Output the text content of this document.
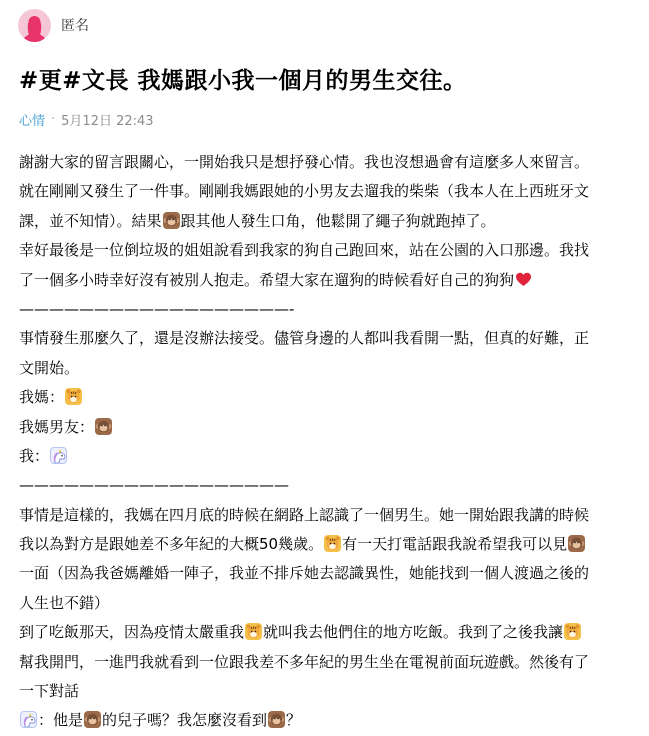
匿名
#更#文長 我媽跟小我一個月的男生交往。
心情 · 5月12日 22:43
謝謝大家的留言跟關心，一開始我只是想抒發心情。我也沒想過會有這麼多人來留言。
就在剛剛又發生了一件事。剛剛我媽跟她的小男友去遛我的柴柴（我本人在上西班牙文
課，並不知情）。結果 跟其他人發生口角，他鬆開了繩子狗就跑掉了。
幸好最後是一位倒垃圾的姐姐說看到我家的狗自己跑回來，站在公園的入口那邊。我找
了一個多小時幸好沒有被別人抱走。希望大家在遛狗的時候看好自己的狗狗
——————————————————-
事情發生那麼久了，還是沒辦法接受。儘管身邊的人都叫我看開一點，但真的好難，正
文開始。
我媽：
我媽男友：
我：
——————————————————
事情是這樣的，我媽在四月底的時候在網路上認識了一個男生。她一開始跟我講的時候
我以為對方是跟她差不多年紀的大概50幾歲。 有一天打電話跟我說希望我可以見
一面（因為我爸媽離婚一陣子，我並不排斥她去認識異性，她能找到一個人渡過之後的
人生也不錯）
到了吃飯那天，因為疫情太嚴重我 就叫我去他們住的地方吃飯。我到了之後我讓
幫我開門，一進門我就看到一位跟我差不多年紀的男生坐在電視前面玩遊戲。然後有了
一下對話
：他是 的兒子嗎？我怎麼沒看到 ？
